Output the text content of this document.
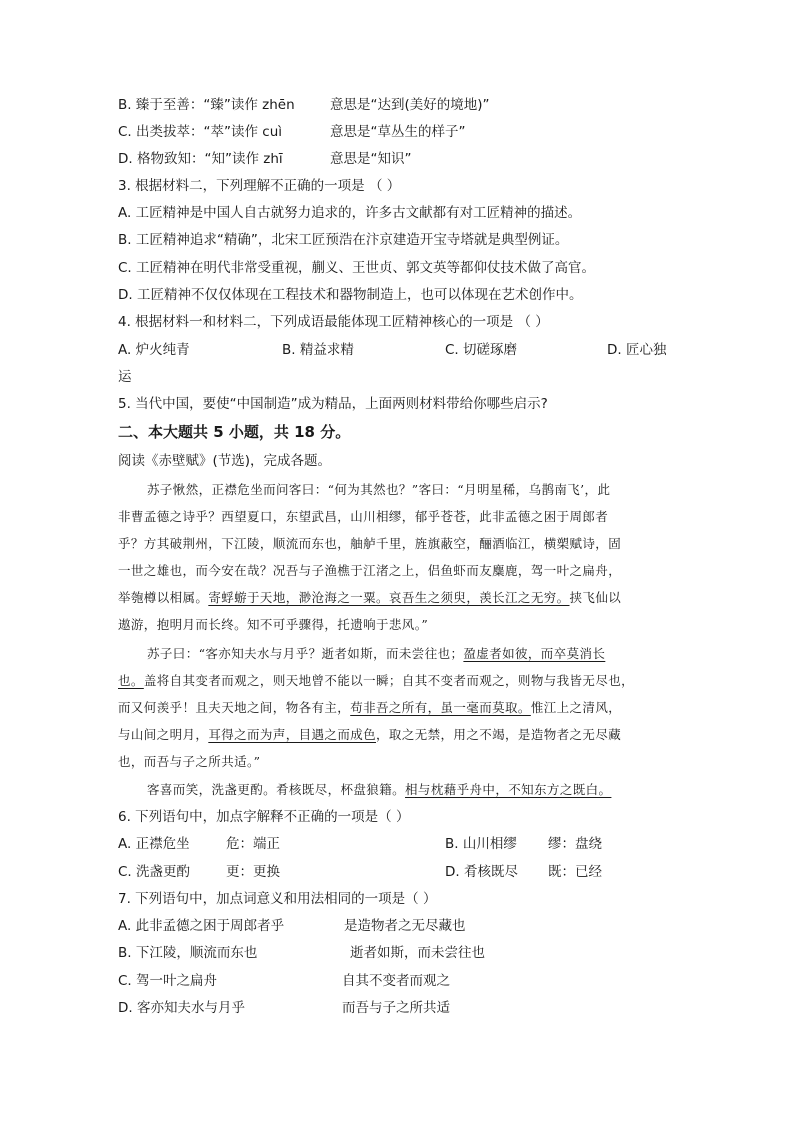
B. 臻于至善：“臻”读作 zhēn	意思是“达到(美好的境地)”
C. 出类拔萃：“萃”读作 cuì	意思是“草丛生的样子”
D. 格物致知：“知”读作 zhī	意思是“知识”
3. 根据材料二，下列理解不正确的一项是 （ ）
A. 工匠精神是中国人自古就努力追求的，许多古文献都有对工匠精神的描述。
B. 工匠精神追求“精确”，北宋工匠预浩在汴京建造开宝寺塔就是典型例证。
C. 工匠精神在明代非常受重视，蒯义、王世贞、郭文英等都仰仗技术做了高官。
D. 工匠精神不仅仅体现在工程技术和器物制造上，也可以体现在艺术创作中。
4. 根据材料一和材料二，下列成语最能体现工匠精神核心的一项是 （ ）
A. 炉火纯青	B. 精益求精	C. 切磋琢磨	D. 匠心独
运
5. 当代中国，要使“中国制造”成为精品，上面两则材料带给你哪些启示?
二、本大题共 5 小题，共 18 分。
阅读《赤壁赋》(节选)，完成各题。
苏子愀然，正襟危坐而问客曰：“何为其然也？”客曰：“月明星稀，乌鹊南飞’，此
非曹孟德之诗乎？西望夏口，东望武昌，山川相缪，郁乎苍苍，此非孟德之困于周郎者
乎？方其破荆州，下江陵，顺流而东也，舳舻千里，旌旗蔽空，酾酒临江，横槊赋诗，固
一世之雄也，而今安在哉？况吾与子渔樵于江渚之上，侣鱼虾而友麋鹿，驾一叶之扁舟，
举匏樽以相属。寄蜉蝣于天地，渺沧海之一粟。哀吾生之须臾，羡长江之无穷。挟飞仙以
遨游，抱明月而长终。知不可乎骤得，托遗响于悲风。”
苏子曰：“客亦知夫水与月乎？逝者如斯，而未尝往也；盈虚者如彼，而卒莫消长
也。盖将自其变者而观之，则天地曾不能以一瞬；自其不变者而观之，则物与我皆无尽也，
而又何羡乎！且夫天地之间，物各有主，苟非吾之所有，虽一毫而莫取。惟江上之清风，
与山间之明月，耳得之而为声，目遇之而成色，取之无禁，用之不竭，是造物者之无尽藏
也，而吾与子之所共适。”
客喜而笑，洗盏更酌。肴核既尽，杯盘狼籍。相与枕藉乎舟中，不知东方之既白。
6. 下列语句中，加点字解释不正确的一项是（ ）
A. 正襟危坐	危：端正	B. 山川相缪 缪：盘绕
C. 洗盏更酌	更：更换	D. 肴核既尽 既：已经
7. 下列语句中，加点词意义和用法相同的一项是（ ）
A. 此非孟德之困于周郎者乎	是造物者之无尽藏也
B. 下江陵，顺流而东也	逝者如斯，而未尝往也
C. 驾一叶之扁舟	自其不变者而观之
D. 客亦知夫水与月乎	而吾与子之所共适
